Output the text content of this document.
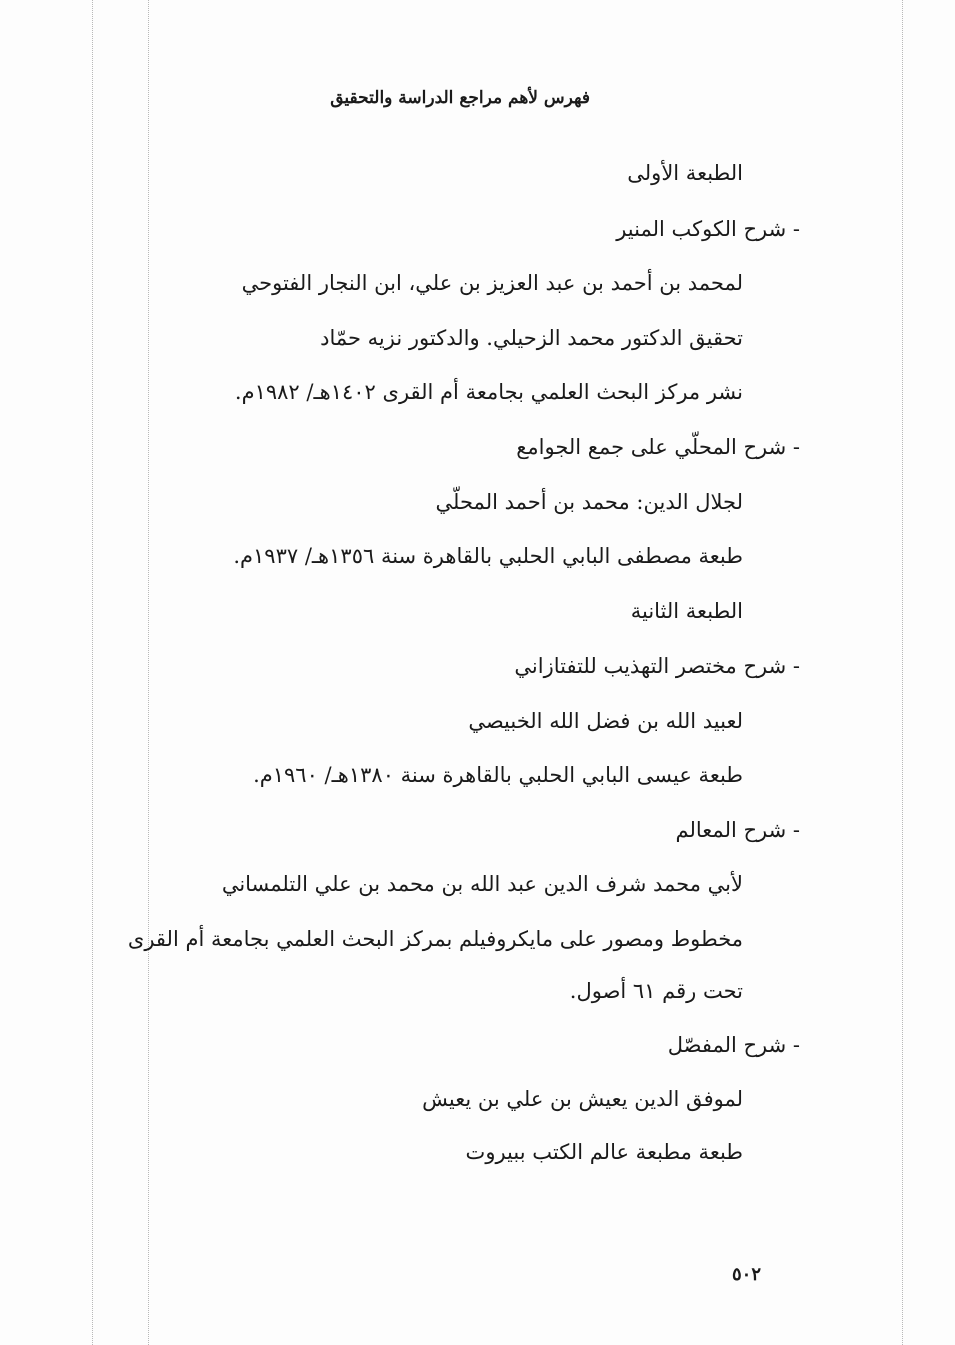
فهرس لأهم مراجع الدراسة والتحقيق
الطبعة الأولى
- شرح الكوكب المنير
لمحمد بن أحمد بن عبد العزيز بن علي، ابن النجار الفتوحي
تحقيق الدكتور محمد الزحيلي. والدكتور نزيه حمّاد
نشر مركز البحث العلمي بجامعة أم القرى ١٤٠٢هـ/ ١٩٨٢م.
- شرح المحلّي على جمع الجوامع
لجلال الدين: محمد بن أحمد المحلّي
طبعة مصطفى البابي الحلبي بالقاهرة سنة ١٣٥٦هـ/ ١٩٣٧م.
الطبعة الثانية
- شرح مختصر التهذيب للتفتازاني
لعبيد الله بن فضل الله الخبيصي
طبعة عيسى البابي الحلبي بالقاهرة سنة ١٣٨٠هـ/ ١٩٦٠م.
- شرح المعالم
لأبي محمد شرف الدين عبد الله بن محمد بن علي التلمساني
مخطوط ومصور على مايكروفيلم بمركز البحث العلمي بجامعة أم القرى
تحت رقم ٦١ أصول.
- شرح المفصّل
لموفق الدين يعيش بن علي بن يعيش
طبعة مطبعة عالم الكتب ببيروت
٥٠٢
